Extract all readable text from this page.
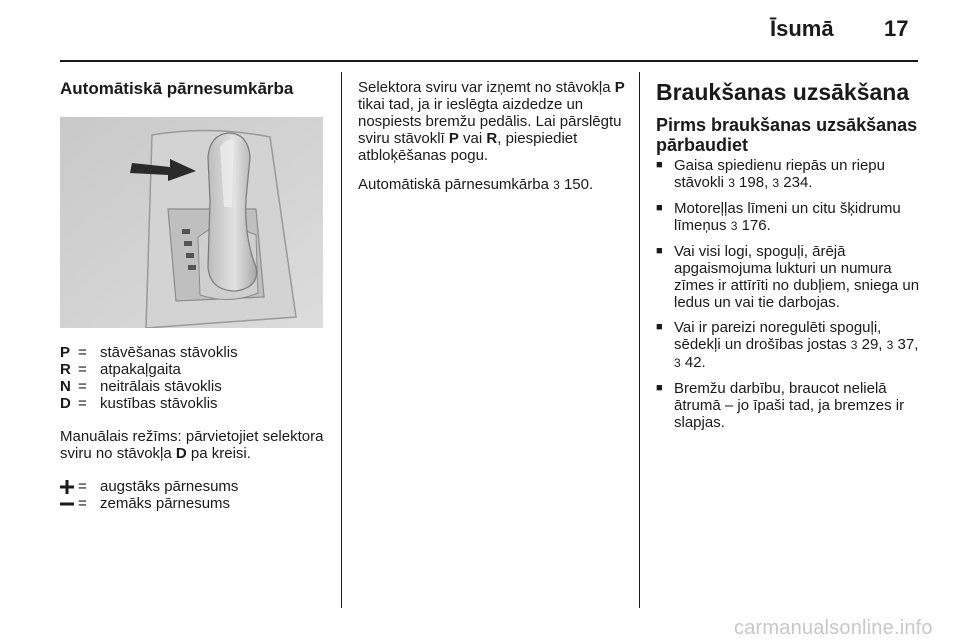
Īsumā 17
Automātiskā pārnesumkārba
P = stāvēšanas stāvoklis
R = atpakaļgaita
N = neitrālais stāvoklis
D = kustības stāvoklis

Manuālais režīms: pārvietojiet selektora sviru no stāvokļa D pa kreisi.

= augstāks pārnesums
= zemāks pārnesums

Selektora sviru var izņemt no stāvokļa P tikai tad, ja ir ieslēgta aizdedze un nospiests bremžu pedālis. Lai pārslēgtu sviru stāvoklī P vai R, piespiediet atbloķēšanas pogu.

Automātiskā pārnesumkārba 3 150.

Braukšanas uzsākšana
Pirms braukšanas uzsākšanas pārbaudiet
■ Gaisa spiedienu riepās un riepu stāvokli 3 198, 3 234.
■ Motoreļļas līmeni un citu šķidrumu līmeņus 3 176.
■ Vai visi logi, spoguļi, ārējā apgaismojuma lukturi un numura zīmes ir attīrīti no dubļiem, sniega un ledus un vai tie darbojas.
■ Vai ir pareizi noregulēti spoguļi, sēdekļi un drošības jostas 3 29, 3 37, 3 42.
■ Bremžu darbību, braucot nelielā ātrumā – jo īpaši tad, ja bremzes ir slapjas.
carmanualsonline.info
